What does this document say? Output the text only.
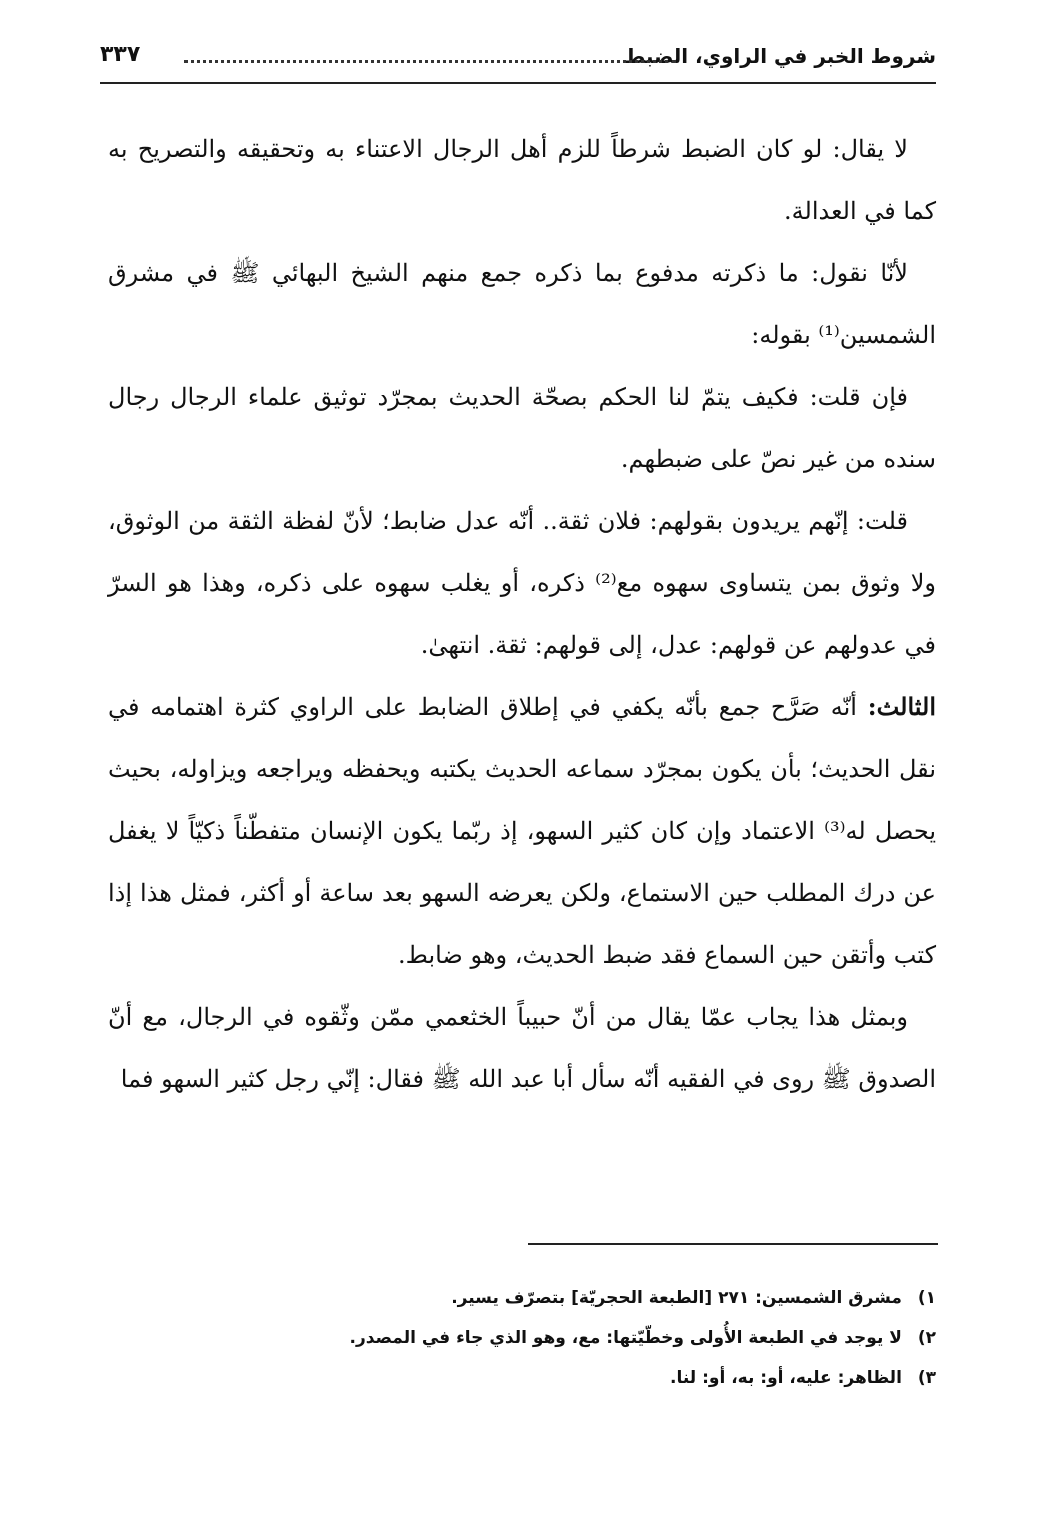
شروط الخبر في الراوي، الضبط
٣٣٧

لا يقال: لو كان الضبط شرطاً للزم أهل الرجال الاعتناء به وتحقيقه والتصريح به كما في العدالة.

لأنّا نقول: ما ذكرته مدفوع بما ذكره جمع منهم الشيخ البهائي ﷺ في مشرق الشمسين⁽¹⁾ بقوله:

فإن قلت: فكيف يتمّ لنا الحكم بصحّة الحديث بمجرّد توثيق علماء الرجال رجال سنده من غير نصّ على ضبطهم.

قلت: إنّهم يريدون بقولهم: فلان ثقة.. أنّه عدل ضابط؛ لأنّ لفظة الثقة من الوثوق، ولا وثوق بمن يتساوى سهوه مع⁽²⁾ ذكره، أو يغلب سهوه على ذكره، وهذا هو السرّ في عدولهم عن قولهم: عدل، إلى قولهم: ثقة. انتهىٰ.

الثالث: أنّه صَرَّح جمع بأنّه يكفي في إطلاق الضابط على الراوي كثرة اهتمامه في نقل الحديث؛ بأن يكون بمجرّد سماعه الحديث يكتبه ويحفظه ويراجعه ويزاوله، بحيث يحصل له⁽³⁾ الاعتماد وإن كان كثير السهو، إذ ربّما يكون الإنسان متفطّناً ذكيّاً لا يغفل عن درك المطلب حين الاستماع، ولكن يعرضه السهو بعد ساعة أو أكثر، فمثل هذا إذا كتب وأتقن حين السماع فقد ضبط الحديث، وهو ضابط.

وبمثل هذا يجاب عمّا يقال من أنّ حبيباً الخثعمي ممّن وثّقوه في الرجال، مع أنّ الصدوق ﷺ روى في الفقيه أنّه سأل أبا عبد الله ﷺ فقال: إنّي رجل كثير السهو فما

١) مشرق الشمسين: ٢٧١ [الطبعة الحجريّة] بتصرّف يسير.
٢) لا يوجد في الطبعة الأُولى وخطّيّتها: مع، وهو الذي جاء في المصدر.
٣) الظاهر: عليه، أو: به، أو: لنا.
